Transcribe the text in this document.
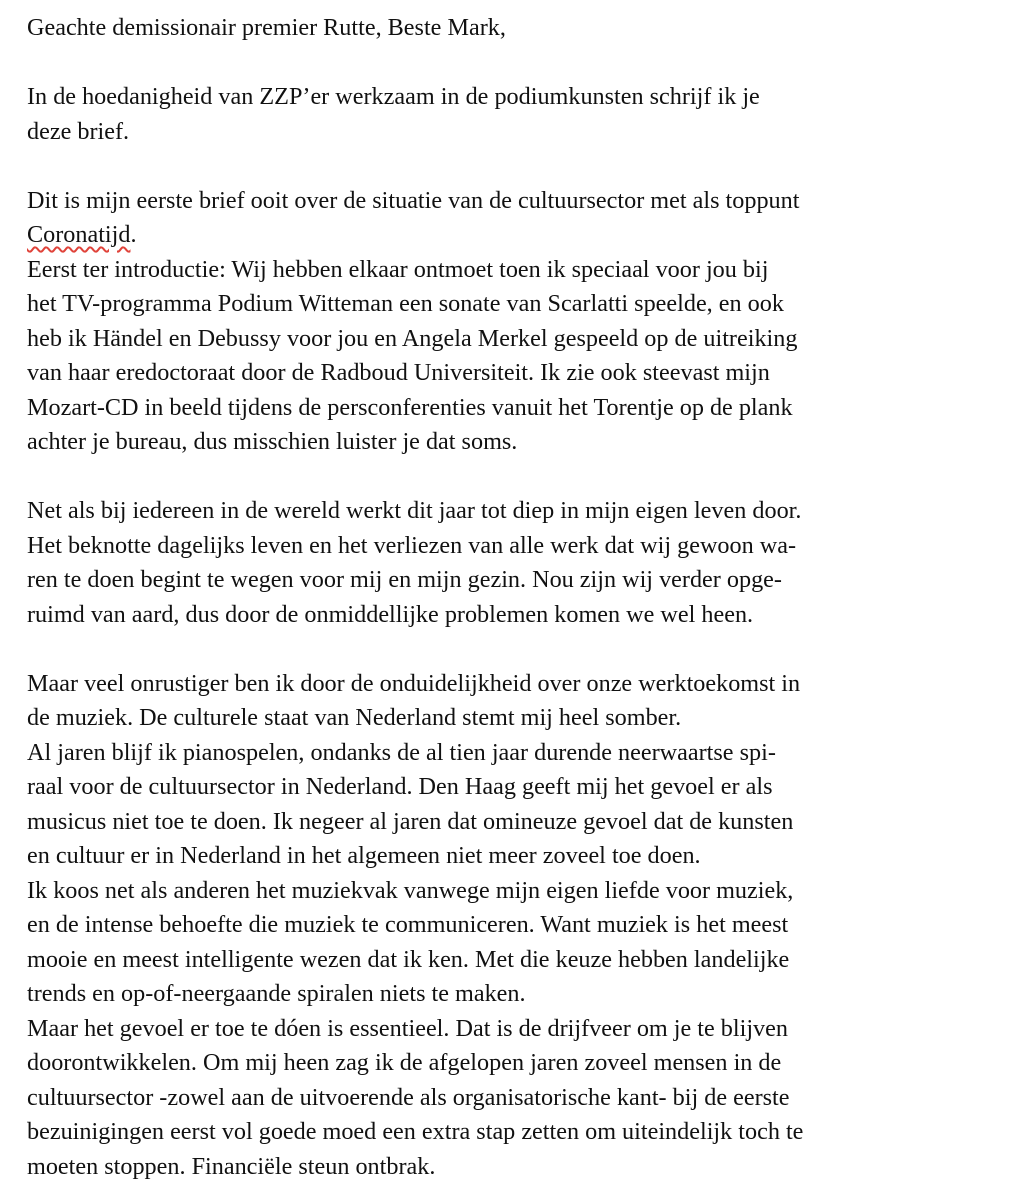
Geachte demissionair premier Rutte, Beste Mark,
In de hoedanigheid van ZZP’er werkzaam in de podiumkunsten schrijf ik je
deze brief.
Dit is mijn eerste brief ooit over de situatie van de cultuursector met als toppunt
Coronatijd.
Eerst ter introductie: Wij hebben elkaar ontmoet toen ik speciaal voor jou bij
het TV-programma Podium Witteman een sonate van Scarlatti speelde, en ook
heb ik Händel en Debussy voor jou en Angela Merkel gespeeld op de uitreiking
van haar eredoctoraat door de Radboud Universiteit. Ik zie ook steevast mijn
Mozart-CD in beeld tijdens de persconferenties vanuit het Torentje op de plank
achter je bureau, dus misschien luister je dat soms.
Net als bij iedereen in de wereld werkt dit jaar tot diep in mijn eigen leven door.
Het beknotte dagelijks leven en het verliezen van alle werk dat wij gewoon wa-
ren te doen begint te wegen voor mij en mijn gezin. Nou zijn wij verder opge-
ruimd van aard, dus door de onmiddellijke problemen komen we wel heen.
Maar veel onrustiger ben ik door de onduidelijkheid over onze werktoekomst in
de muziek. De culturele staat van Nederland stemt mij heel somber.
Al jaren blijf ik pianospelen, ondanks de al tien jaar durende neerwaartse spi-
raal voor de cultuursector in Nederland. Den Haag geeft mij het gevoel er als
musicus niet toe te doen. Ik negeer al jaren dat omineuze gevoel dat de kunsten
en cultuur er in Nederland in het algemeen niet meer zoveel toe doen.
Ik koos net als anderen het muziekvak vanwege mijn eigen liefde voor muziek,
en de intense behoefte die muziek te communiceren. Want muziek is het meest
mooie en meest intelligente wezen dat ik ken. Met die keuze hebben landelijke
trends en op-of-neergaande spiralen niets te maken.
Maar het gevoel er toe te dóen is essentieel. Dat is de drijfveer om je te blijven
doorontwikkelen. Om mij heen zag ik de afgelopen jaren zoveel mensen in de
cultuursector -zowel aan de uitvoerende als organisatorische kant- bij de eerste
bezuinigingen eerst vol goede moed een extra stap zetten om uiteindelijk toch te
moeten stoppen. Financiële steun ontbrak.
